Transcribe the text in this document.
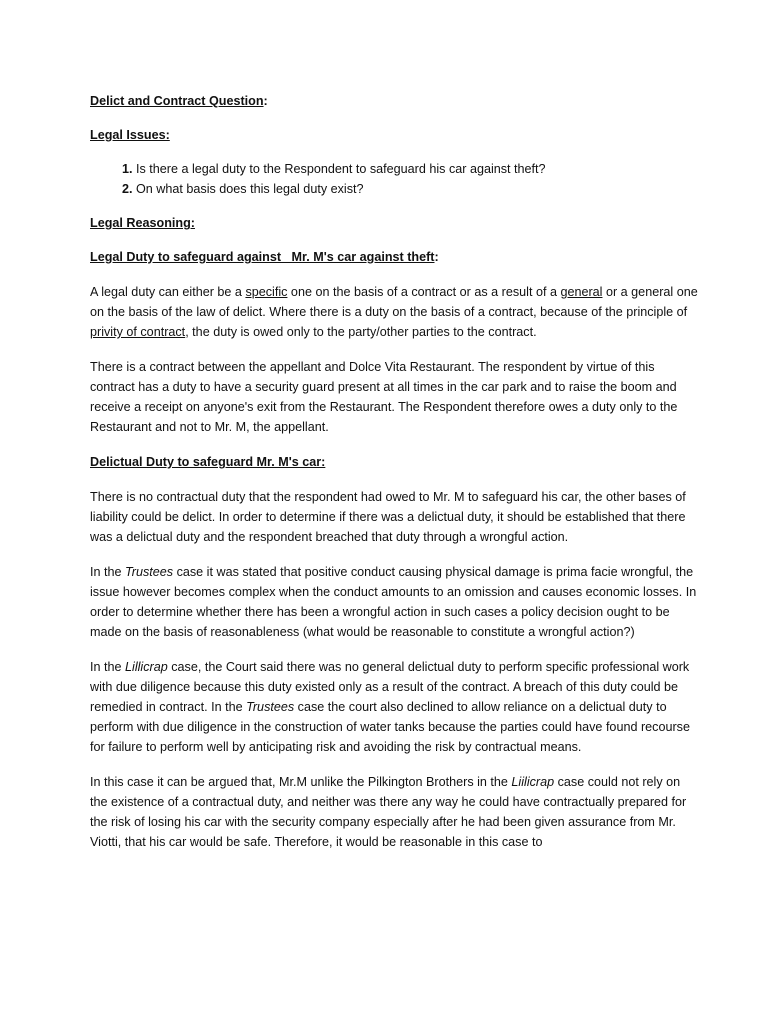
Delict and Contract Question:

Legal Issues:

1. Is there a legal duty to the Respondent to safeguard his car against theft?
2. On what basis does this legal duty exist?

Legal Reasoning:

Legal Duty to safeguard against   Mr. M's car against theft:

A legal duty can either be a specific one on the basis of a contract or as a result of a general or a general one on the basis of the law of delict. Where there is a duty on the basis of a contract, because of the principle of privity of contract, the duty is owed only to the party/other parties to the contract.

There is a contract between the appellant and Dolce Vita Restaurant. The respondent by virtue of this contract has a duty to have a security guard present at all times in the car park and to raise the boom and receive a receipt on anyone's exit from the Restaurant. The Respondent therefore owes a duty only to the Restaurant and not to Mr. M, the appellant.

Delictual Duty to safeguard Mr. M's car:

There is no contractual duty that the respondent had owed to Mr. M to safeguard his car, the other bases of liability could be delict. In order to determine if there was a delictual duty, it should be established that there was a delictual duty and the respondent breached that duty through a wrongful action.

In the Trustees case it was stated that positive conduct causing physical damage is prima facie wrongful, the issue however becomes complex when the conduct amounts to an omission and causes economic losses. In order to determine whether there has been a wrongful action in such cases a policy decision ought to be made on the basis of reasonableness (what would be reasonable to constitute a wrongful action?)

In the Lillicrap case, the Court said there was no general delictual duty to perform specific professional work with due diligence because this duty existed only as a result of the contract. A breach of this duty could be remedied in contract. In the Trustees case the court also declined to allow reliance on a delictual duty to perform with due diligence in the construction of water tanks because the parties could have found recourse for failure to perform well by anticipating risk and avoiding the risk by contractual means.

In this case it can be argued that, Mr.M unlike the Pilkington Brothers in the Liilicrap case could not rely on the existence of a contractual duty, and neither was there any way he could have contractually prepared for the risk of losing his car with the security company especially after he had been given assurance from Mr. Viotti, that his car would be safe. Therefore, it would be reasonable in this case to
